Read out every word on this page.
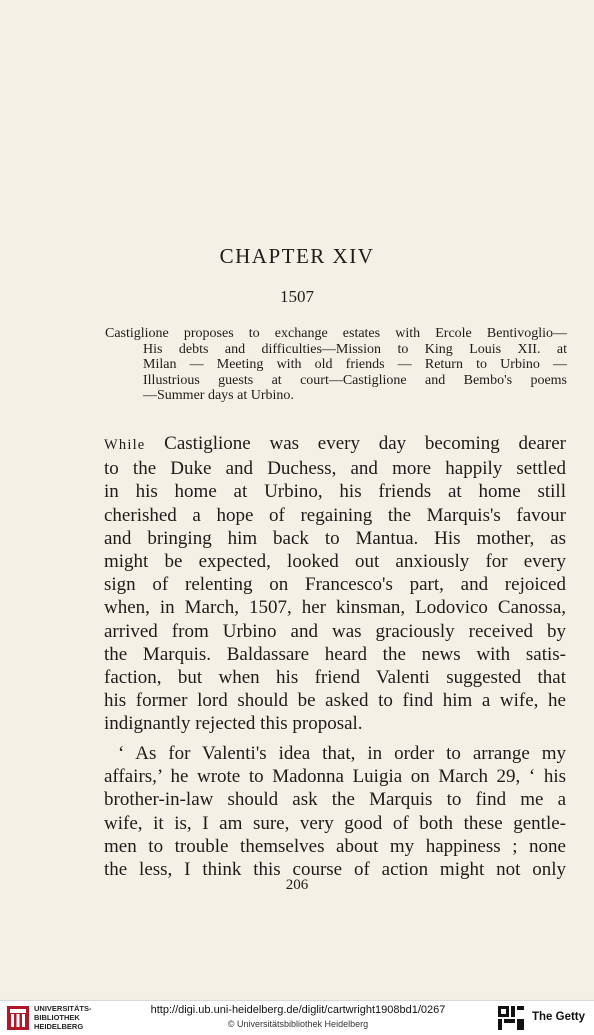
CHAPTER XIV
1507
Castiglione proposes to exchange estates with Ercole Bentivoglio—
His debts and difficulties—Mission to King Louis XII. at
Milan — Meeting with old friends — Return to Urbino —
Illustrious guests at court—Castiglione and Bembo's poems
—Summer days at Urbino.
While Castiglione was every day becoming dearer
to the Duke and Duchess, and more happily settled
in his home at Urbino, his friends at home still
cherished a hope of regaining the Marquis's favour
and bringing him back to Mantua. His mother, as
might be expected, looked out anxiously for every
sign of relenting on Francesco's part, and rejoiced
when, in March, 1507, her kinsman, Lodovico Canossa,
arrived from Urbino and was graciously received by
the Marquis. Baldassare heard the news with satis-
faction, but when his friend Valenti suggested that
his former lord should be asked to find him a wife, he
indignantly rejected this proposal.
‘ As for Valenti's idea that, in order to arrange my
affairs,’ he wrote to Madonna Luigia on March 29, ‘ his
brother-in-law should ask the Marquis to find me a
wife, it is, I am sure, very good of both these gentle-
men to trouble themselves about my happiness ; none
the less, I think this course of action might not only
206
UNIVERSITÄTS-
BIBLIOTHEK
HEIDELBERG
http://digi.ub.uni-heidelberg.de/diglit/cartwright1908bd1/0267
© Universitätsbibliothek Heidelberg
The Getty
